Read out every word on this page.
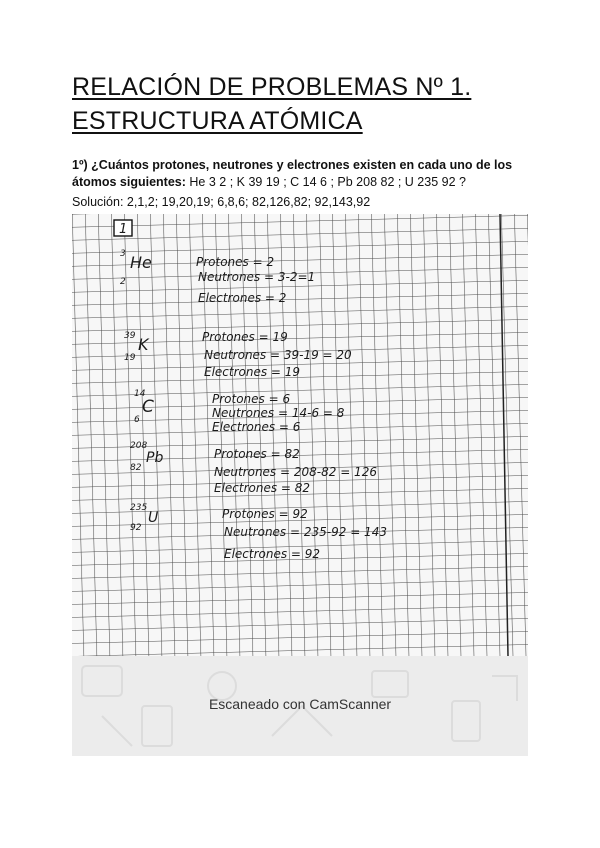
RELACIÓN DE PROBLEMAS Nº 1.
ESTRUCTURA ATÓMICA
1º) ¿Cuántos protones, neutrones y electrones existen en cada uno de los átomos siguientes: He 3 2 ; K 39 19 ; C 14 6 ; Pb 208 82 ; U 235 92 ?
Solución: 2,1,2; 19,20,19; 6,8,6; 82,126,82; 92,143,92
1
3 He
2
Protones = 2
Neutrones = 3-2=1
Electrones = 2
39 K
19
Protones = 19
Neutrones = 39-19 = 20
Electrones = 19
14
C
6
Protones = 6
Neutrones = 14-6 = 8
Electrones = 6
208
Pb
82
Protones = 82
Neutrones = 208-82 = 126
Electrones = 82
235
U
92
Protones = 92
Neutrones = 235-92 = 143
Electrones = 92
Escaneado con CamScanner
